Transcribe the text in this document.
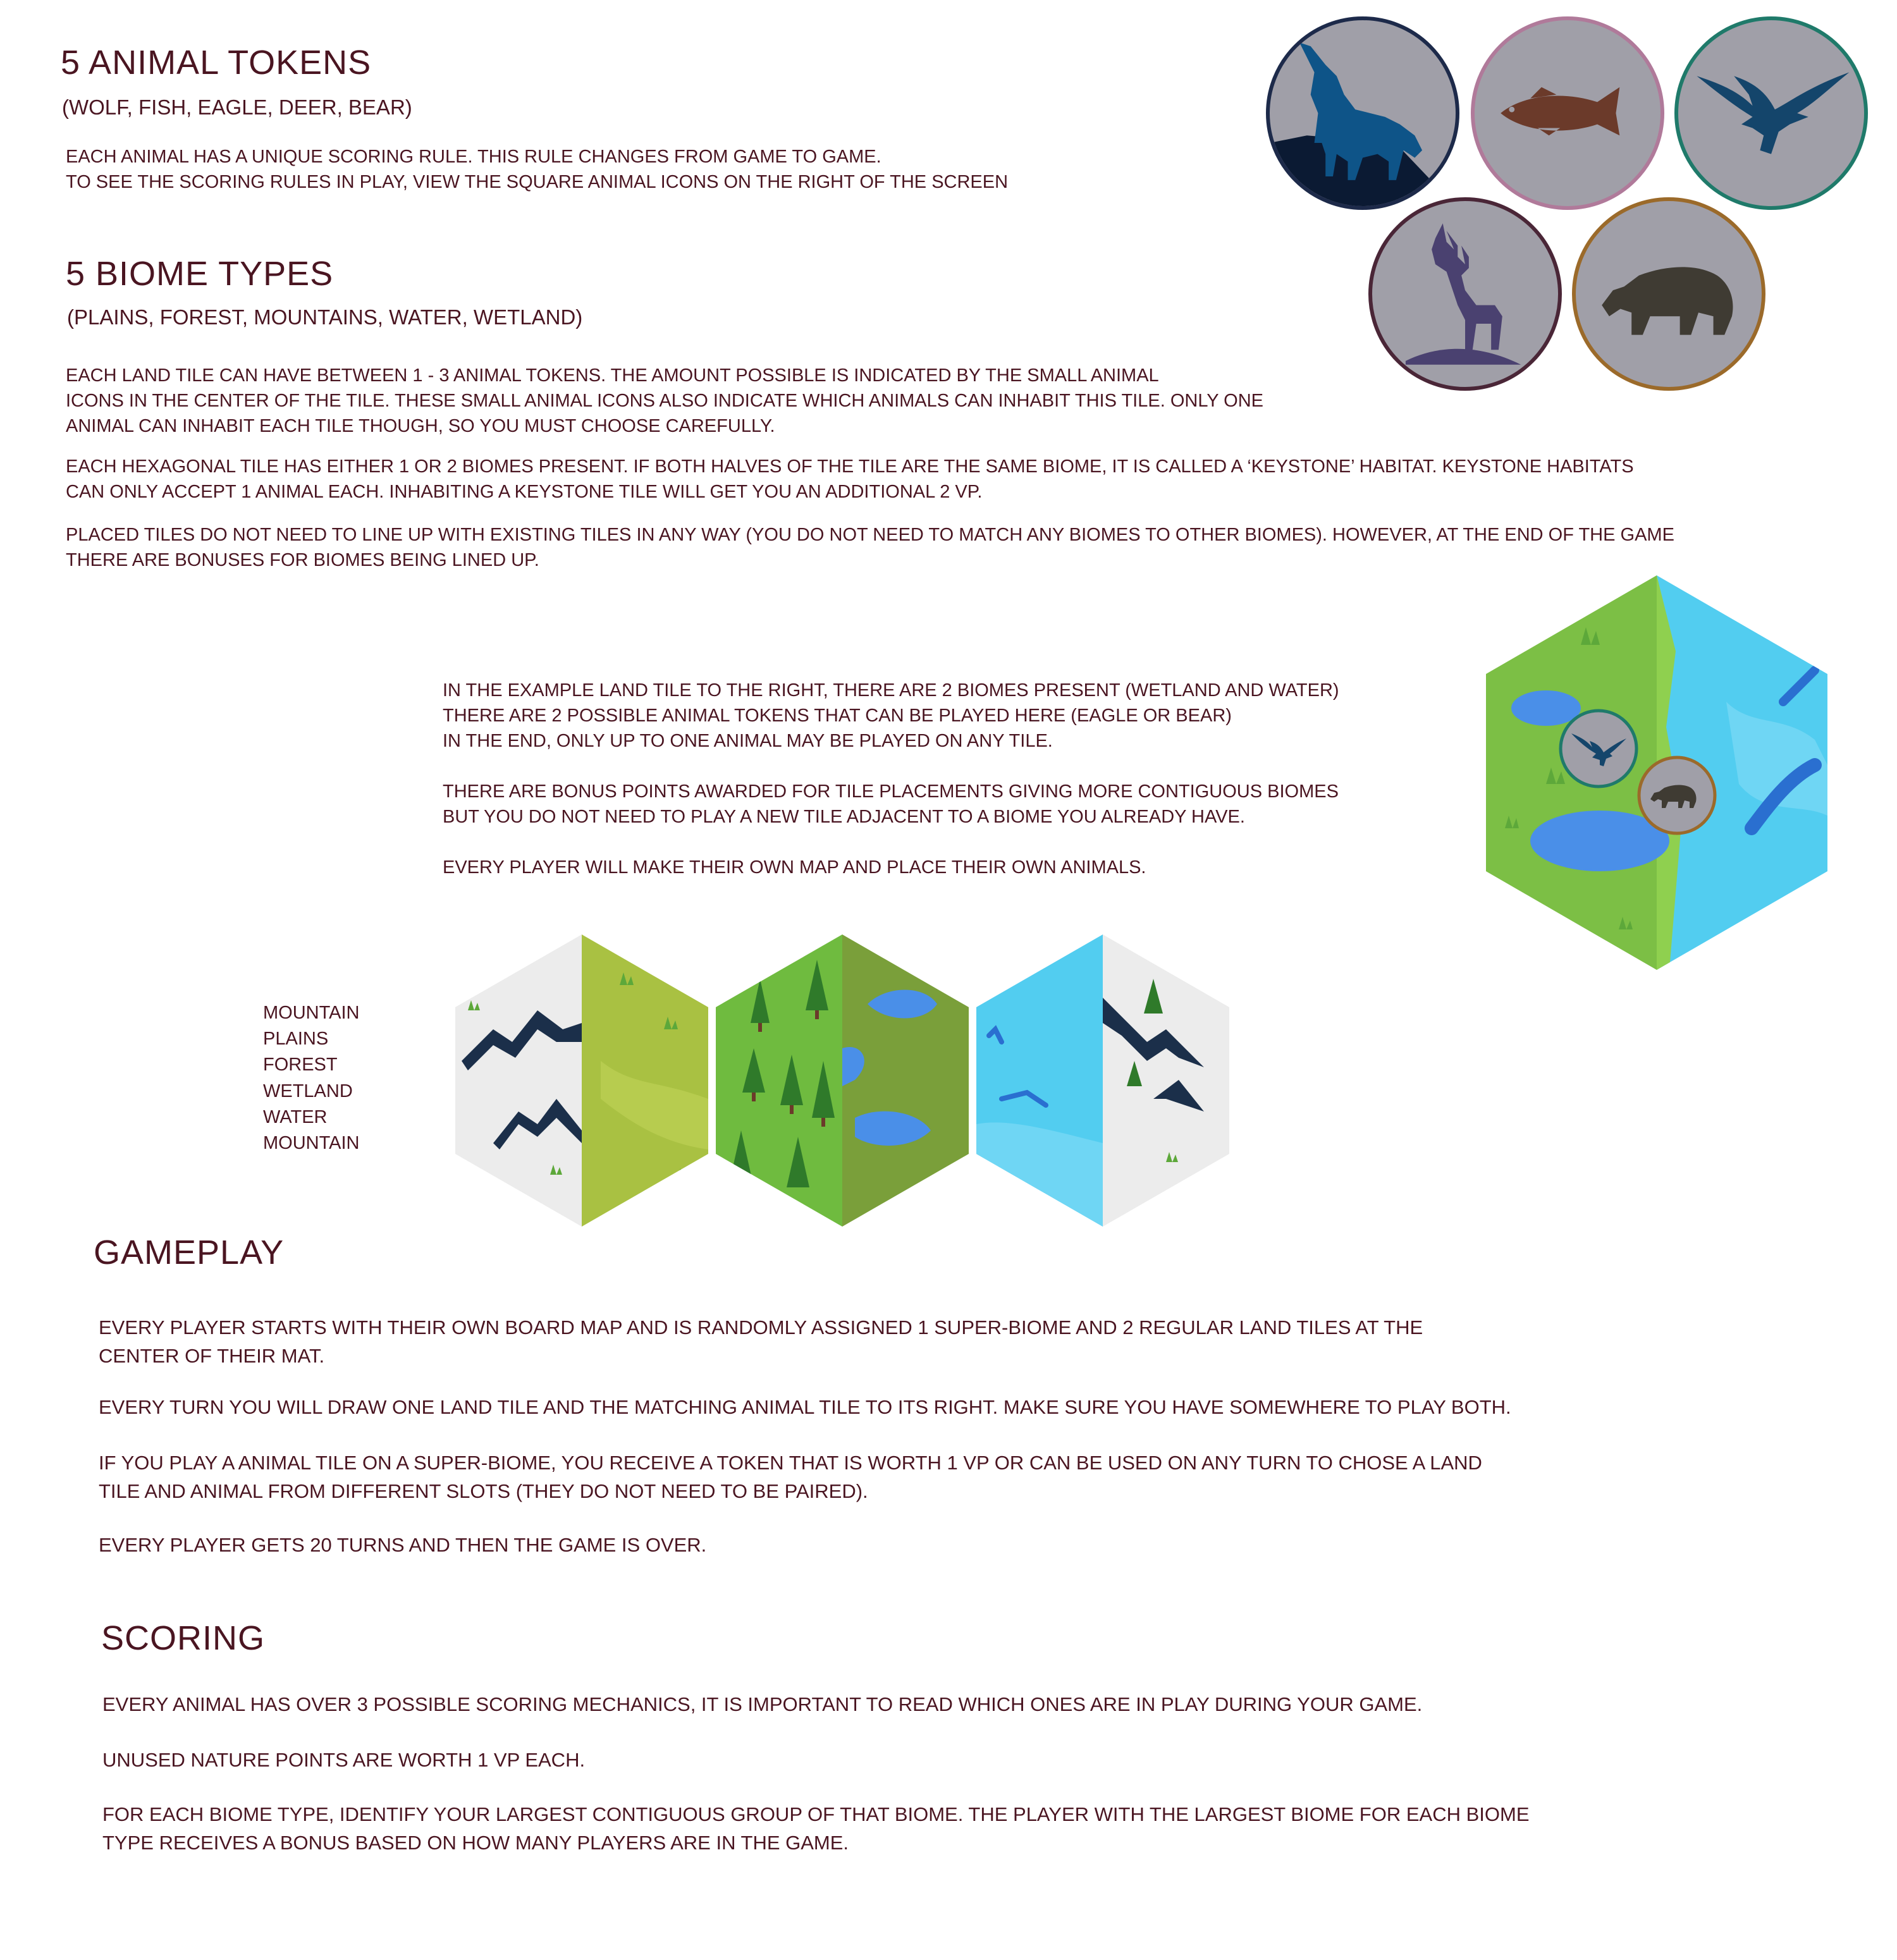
5 ANIMAL TOKENS
(WOLF, FISH, EAGLE, DEER, BEAR)
EACH ANIMAL HAS A UNIQUE SCORING RULE. THIS RULE CHANGES FROM GAME TO GAME.
TO SEE THE SCORING RULES IN PLAY, VIEW THE SQUARE ANIMAL ICONS ON THE RIGHT OF THE SCREEN
5 BIOME TYPES
(PLAINS, FOREST, MOUNTAINS, WATER, WETLAND)
EACH LAND TILE CAN HAVE BETWEEN 1 - 3 ANIMAL TOKENS. THE AMOUNT POSSIBLE IS INDICATED BY THE SMALL ANIMAL
ICONS IN THE CENTER OF THE TILE. THESE SMALL ANIMAL ICONS ALSO INDICATE WHICH ANIMALS CAN INHABIT THIS TILE. ONLY ONE
ANIMAL CAN INHABIT EACH TILE THOUGH, SO YOU MUST CHOOSE CAREFULLY.
EACH HEXAGONAL TILE HAS EITHER 1 OR 2 BIOMES PRESENT. IF BOTH HALVES OF THE TILE ARE THE SAME BIOME, IT IS CALLED A ‘KEYSTONE’ HABITAT. KEYSTONE HABITATS
CAN ONLY ACCEPT 1 ANIMAL EACH. INHABITING A KEYSTONE TILE WILL GET YOU AN ADDITIONAL 2 VP.
PLACED TILES DO NOT NEED TO LINE UP WITH EXISTING TILES IN ANY WAY (YOU DO NOT NEED TO MATCH ANY BIOMES TO OTHER BIOMES). HOWEVER, AT THE END OF THE GAME
THERE ARE BONUSES FOR BIOMES BEING LINED UP.
IN THE EXAMPLE LAND TILE TO THE RIGHT, THERE ARE 2 BIOMES PRESENT (WETLAND AND WATER)
THERE ARE 2 POSSIBLE ANIMAL TOKENS THAT CAN BE PLAYED HERE (EAGLE OR BEAR)
IN THE END, ONLY UP TO ONE ANIMAL MAY BE PLAYED ON ANY TILE.
THERE ARE BONUS POINTS AWARDED FOR TILE PLACEMENTS GIVING MORE CONTIGUOUS BIOMES
BUT YOU DO NOT NEED TO PLAY A NEW TILE ADJACENT TO A BIOME YOU ALREADY HAVE.
EVERY PLAYER WILL MAKE THEIR OWN MAP AND PLACE THEIR OWN ANIMALS.
MOUNTAIN
PLAINS
FOREST
WETLAND
WATER
MOUNTAIN
GAMEPLAY
EVERY PLAYER STARTS WITH THEIR OWN BOARD MAP AND IS RANDOMLY ASSIGNED 1 SUPER-BIOME AND 2 REGULAR LAND TILES AT THE
CENTER OF THEIR MAT.
EVERY TURN YOU WILL DRAW ONE LAND TILE AND THE MATCHING ANIMAL TILE TO ITS RIGHT. MAKE SURE YOU HAVE SOMEWHERE TO PLAY BOTH.
IF YOU PLAY A ANIMAL TILE ON A SUPER-BIOME, YOU RECEIVE A TOKEN THAT IS WORTH 1 VP OR CAN BE USED ON ANY TURN TO CHOSE A LAND
TILE AND ANIMAL FROM DIFFERENT SLOTS (THEY DO NOT NEED TO BE PAIRED).
EVERY PLAYER GETS 20 TURNS AND THEN THE GAME IS OVER.
SCORING
EVERY ANIMAL HAS OVER 3 POSSIBLE SCORING MECHANICS, IT IS IMPORTANT TO READ WHICH ONES ARE IN PLAY DURING YOUR GAME.
UNUSED NATURE POINTS ARE WORTH 1 VP EACH.
FOR EACH BIOME TYPE, IDENTIFY YOUR LARGEST CONTIGUOUS GROUP OF THAT BIOME. THE PLAYER WITH THE LARGEST BIOME FOR EACH BIOME
TYPE RECEIVES A BONUS BASED ON HOW MANY PLAYERS ARE IN THE GAME.
